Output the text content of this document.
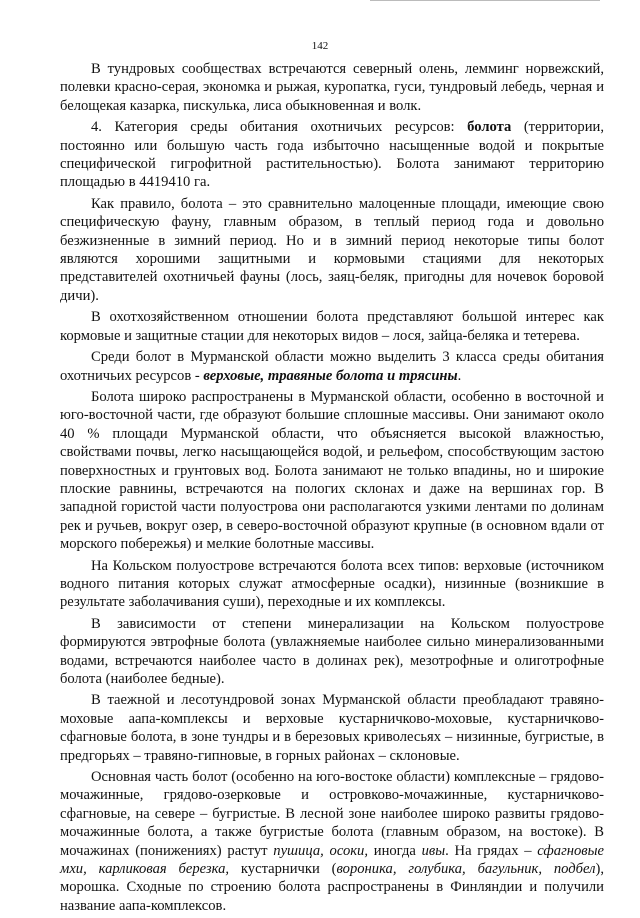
142

В тундровых сообществах встречаются северный олень, лемминг норвежский, полевки красно-серая, экономка и рыжая, куропатка, гуси, тундровый лебедь, черная и белощекая казарка, пискулька, лиса обыкновенная и волк.

4. Категория среды обитания охотничьих ресурсов: болота (территории, постоянно или большую часть года избыточно насыщенные водой и покрытые специфической гигрофитной растительностью). Болота занимают территорию площадью в 4419410 га.

Как правило, болота – это сравнительно малоценные площади, имеющие свою специфическую фауну, главным образом, в теплый период года и довольно безжизненные в зимний период. Но и в зимний период некоторые типы болот являются хорошими защитными и кормовыми стациями для некоторых представителей охотничьей фауны (лось, заяц-беляк, пригодны для ночевок боровой дичи).

В охотхозяйственном отношении болота представляют большой интерес как кормовые и защитные стации для некоторых видов – лося, зайца-беляка и тетерева.

Среди болот в Мурманской области можно выделить 3 класса среды обитания охотничьих ресурсов - верховые, травяные болота и трясины.

Болота широко распространены в Мурманской области, особенно в восточной и юго-восточной части, где образуют большие сплошные массивы. Они занимают около 40 % площади Мурманской области, что объясняется высокой влажностью, свойствами почвы, легко насыщающейся водой, и рельефом, способствующим застою поверхностных и грунтовых вод. Болота занимают не только впадины, но и широкие плоские равнины, встречаются на пологих склонах и даже на вершинах гор. В западной гористой части полуострова они располагаются узкими лентами по долинам рек и ручьев, вокруг озер, в северо-восточной образуют крупные (в основном вдали от морского побережья) и мелкие болотные массивы.

На Кольском полуострове встречаются болота всех типов: верховые (источником водного питания которых служат атмосферные осадки), низинные (возникшие в результате заболачивания суши), переходные и их комплексы.

В зависимости от степени минерализации на Кольском полуострове формируются эвтрофные болота (увлажняемые наиболее сильно минерализованными водами, встречаются наиболее часто в долинах рек), мезотрофные и олиготрофные болота (наиболее бедные).

В таежной и лесотундровой зонах Мурманской области преобладают травяно-моховые аапа-комплексы и верховые кустарничково-моховые, кустарничково-сфагновые болота, в зоне тундры и в березовых криволесьях – низинные, бугристые, в предгорьях – травяно-гипновые, в горных районах – склоновые.

Основная часть болот (особенно на юго-востоке области) комплексные – грядово-мочажинные, грядово-озерковые и островково-мочажинные, кустарничково-сфагновые, на севере – бугристые. В лесной зоне наиболее широко развиты грядово-мочажинные болота, а также бугристые болота (главным образом, на востоке). В мочажинах (понижениях) растут пушица, осоки, иногда ивы. На грядах – сфагновые мхи, карликовая березка, кустарнички (вороника, голубика, багульник, подбел), морошка. Сходные по строению болота распространены в Финляндии и получили название аапа-комплексов.
